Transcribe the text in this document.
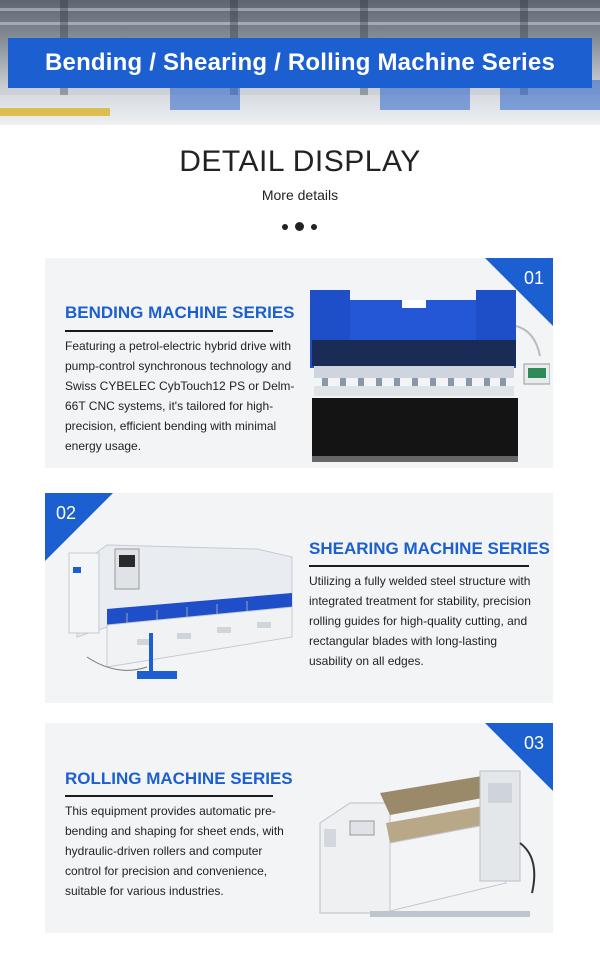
Bending / Shearing / Rolling Machine Series
DETAIL DISPLAY
More details
BENDING MACHINE SERIES
Featuring a petrol-electric hybrid drive with pump-control synchronous technology and Swiss CYBELEC CybTouch12 PS or Delm-66T CNC systems, it's tailored for high-precision, efficient bending with minimal energy usage.
01
02
SHEARING MACHINE SERIES
Utilizing a fully welded steel structure with integrated treatment for stability, precision rolling guides for high-quality cutting, and rectangular blades with long-lasting usability on all edges.
ROLLING MACHINE SERIES
This equipment provides automatic pre-bending and shaping for sheet ends, with hydraulic-driven rollers and computer control for precision and convenience, suitable for various industries.
03
